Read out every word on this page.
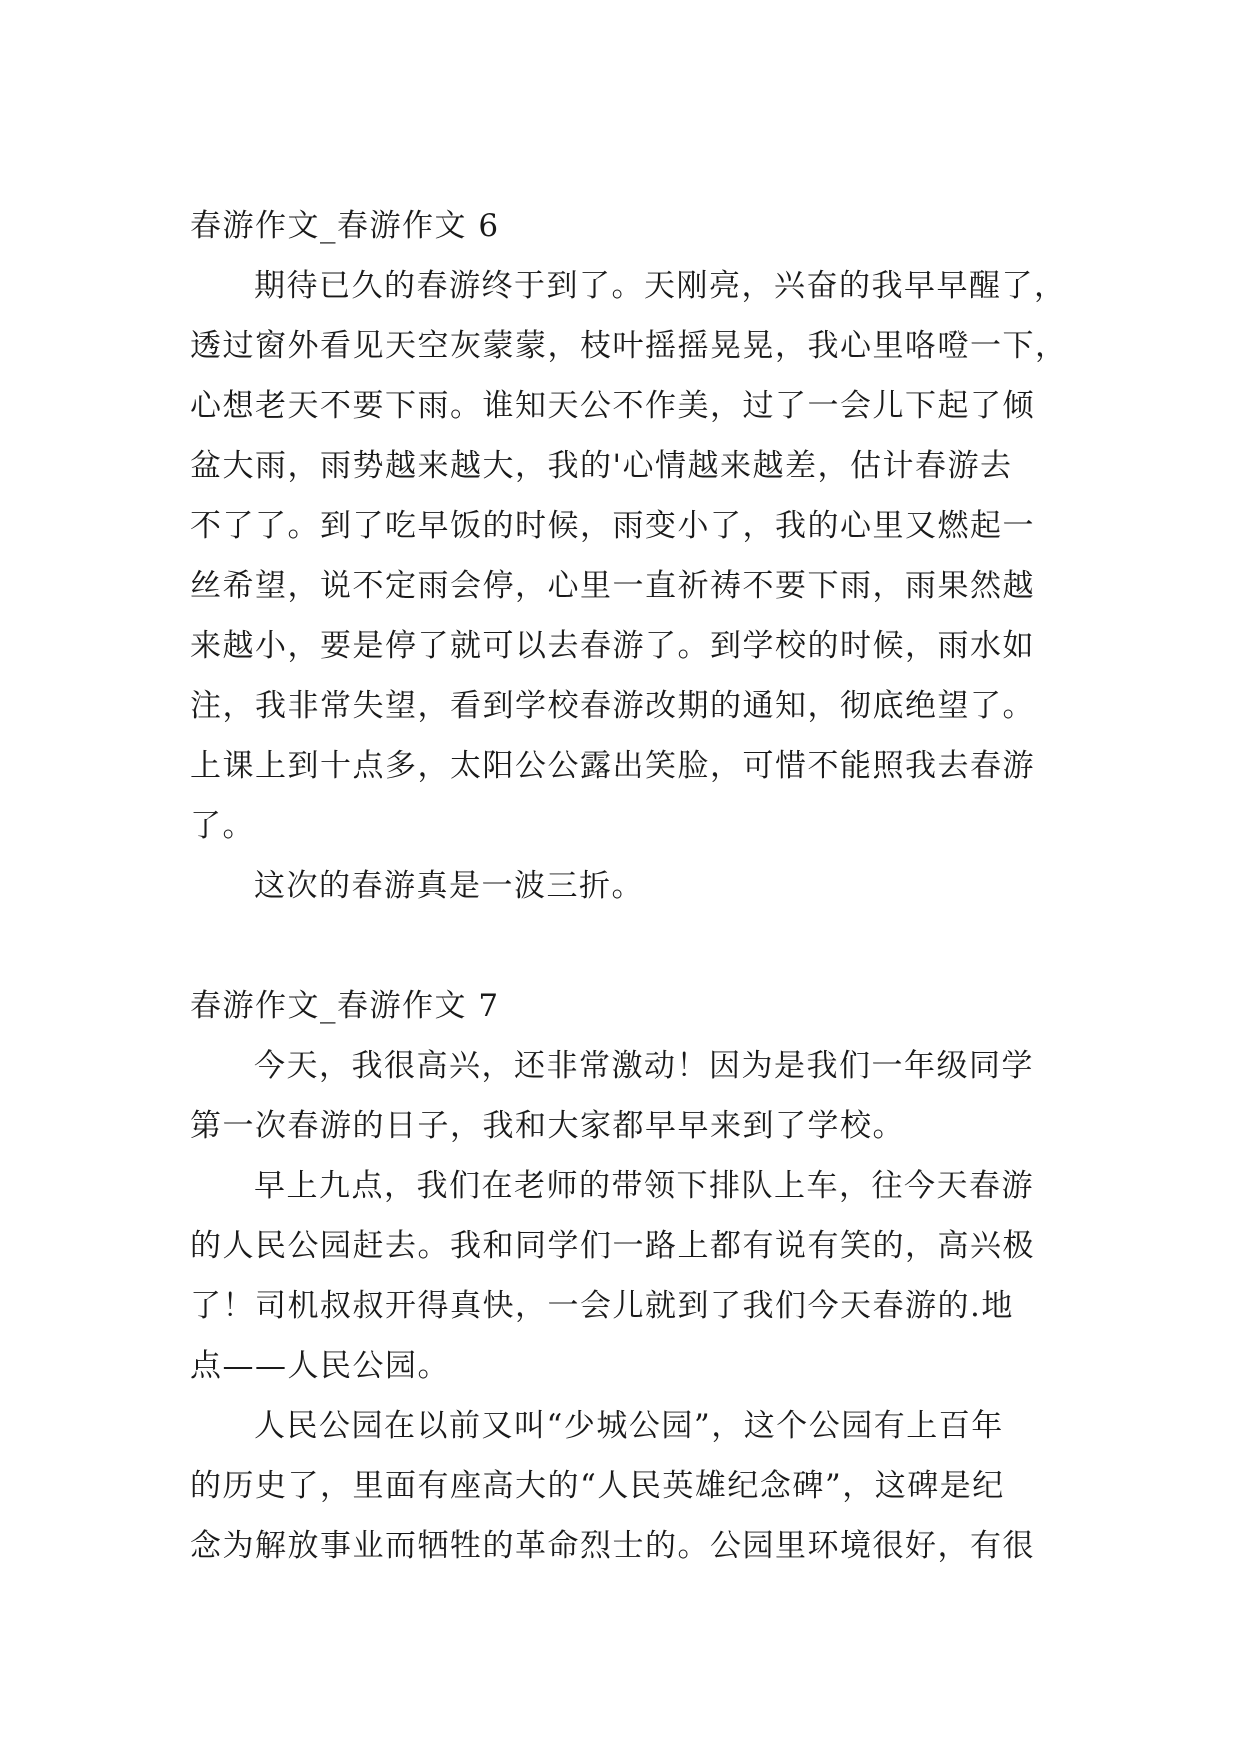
春游作文_春游作文 6
期待已久的春游终于到了。天刚亮，兴奋的我早早醒了，
透过窗外看见天空灰蒙蒙，枝叶摇摇晃晃，我心里咯噔一下，
心想老天不要下雨。谁知天公不作美，过了一会儿下起了倾
盆大雨，雨势越来越大，我的'心情越来越差，估计春游去
不了了。到了吃早饭的时候，雨变小了，我的心里又燃起一
丝希望，说不定雨会停，心里一直祈祷不要下雨，雨果然越
来越小，要是停了就可以去春游了。到学校的时候，雨水如
注，我非常失望，看到学校春游改期的通知，彻底绝望了。
上课上到十点多，太阳公公露出笑脸，可惜不能照我去春游
了。
这次的春游真是一波三折。
春游作文_春游作文 7
今天，我很高兴，还非常激动！因为是我们一年级同学
第一次春游的日子，我和大家都早早来到了学校。
早上九点，我们在老师的带领下排队上车，往今天春游
的人民公园赶去。我和同学们一路上都有说有笑的，高兴极
了！司机叔叔开得真快，一会儿就到了我们今天春游的.地
点——人民公园。
人民公园在以前又叫“少城公园”，这个公园有上百年
的历史了，里面有座高大的“人民英雄纪念碑”，这碑是纪
念为解放事业而牺牲的革命烈士的。公园里环境很好，有很
